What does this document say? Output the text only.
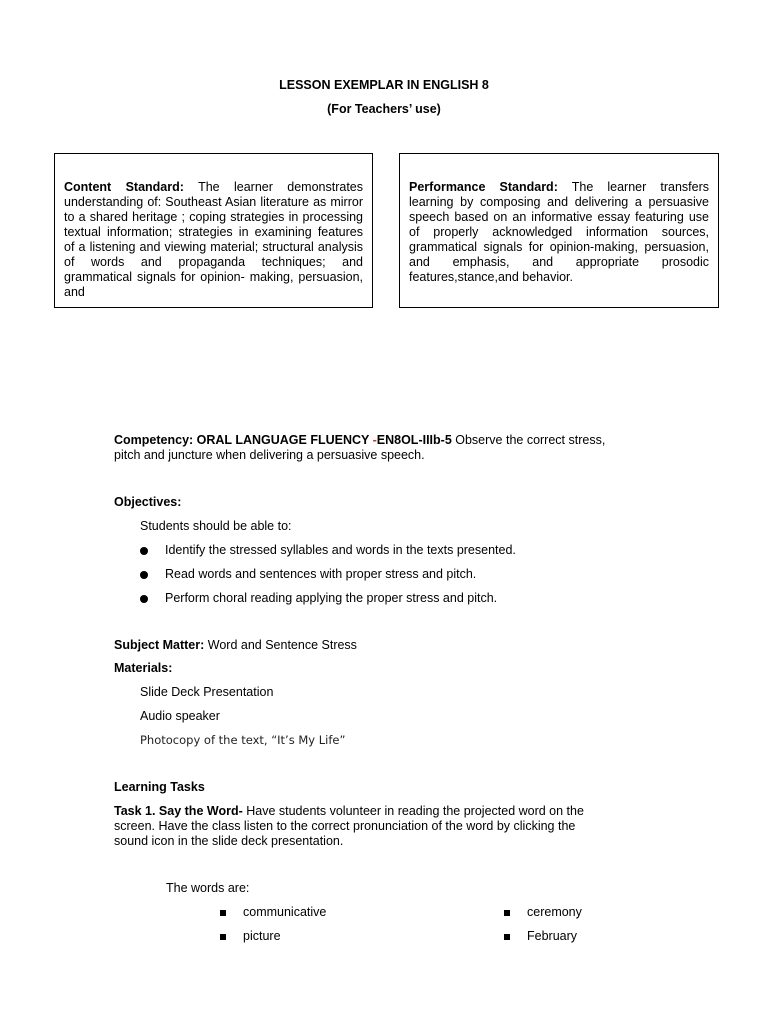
LESSON EXEMPLAR IN ENGLISH 8
(For Teachers’ use)
Content Standard: The learner demonstrates understanding of: Southeast Asian literature as mirror to a shared heritage ; coping strategies in processing textual information; strategies in examining features of a listening and viewing material; structural analysis of words and propaganda techniques; and grammatical signals for opinion- making, persuasion, and
Performance Standard: The learner transfers learning by composing and delivering a persuasive speech based on an informative essay featuring use of properly acknowledged information sources, grammatical signals for opinion-making, persuasion, and emphasis, and appropriate prosodic features,stance,and behavior.
Competency: ORAL LANGUAGE FLUENCY -EN8OL-IIIb-5 Observe the correct stress,
pitch and juncture when delivering a persuasive speech.
Objectives:
Students should be able to:
Identify the stressed syllables and words in the texts presented.
Read words and sentences with proper stress and pitch.
Perform choral reading applying the proper stress and pitch.
Subject Matter: Word and Sentence Stress
Materials:
Slide Deck Presentation
Audio speaker
Photocopy of the text, “It’s My Life”
Learning Tasks
Task 1. Say the Word- Have students volunteer in reading the projected word on the
screen. Have the class listen to the correct pronunciation of the word by clicking the
sound icon in the slide deck presentation.
The words are:
communicative
picture
ceremony
February
